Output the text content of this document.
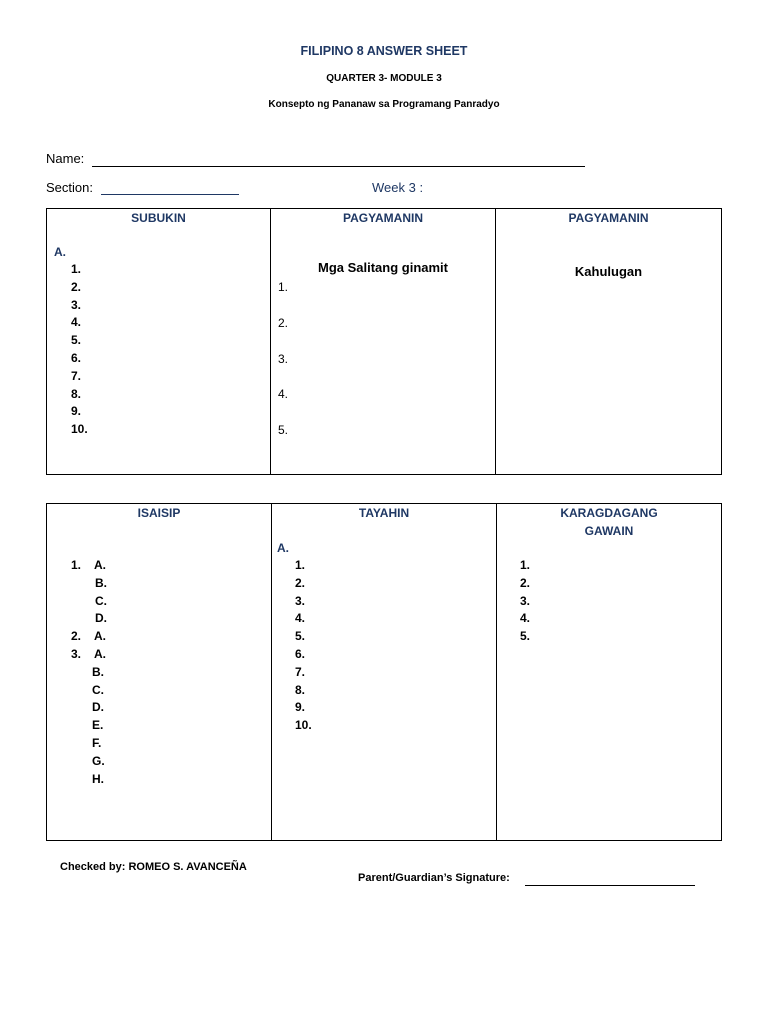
FILIPINO 8 ANSWER SHEET
QUARTER 3- MODULE 3
Konsepto ng Pananaw sa Programang Panradyo
Name:
Section:	Week 3 :
SUBUKIN
A.
1.
2.
3.
4.
5.
6.
7.
8.
9.
10.
PAGYAMANIN
Mga Salitang ginamit
1.
2.
3.
4.
5.
PAGYAMANIN
Kahulugan
ISAISIP
1. A.
B.
C.
D.
2. A.
3. A.
B.
C.
D.
E.
F.
G.
H.
TAYAHIN
A.
1.
2.
3.
4.
5.
6.
7.
8.
9.
10.
KARAGDAGANG
GAWAIN
1.
2.
3.
4.
5.
Checked by: ROMEO S. AVANCEÑA
Parent/Guardian’s Signature:
